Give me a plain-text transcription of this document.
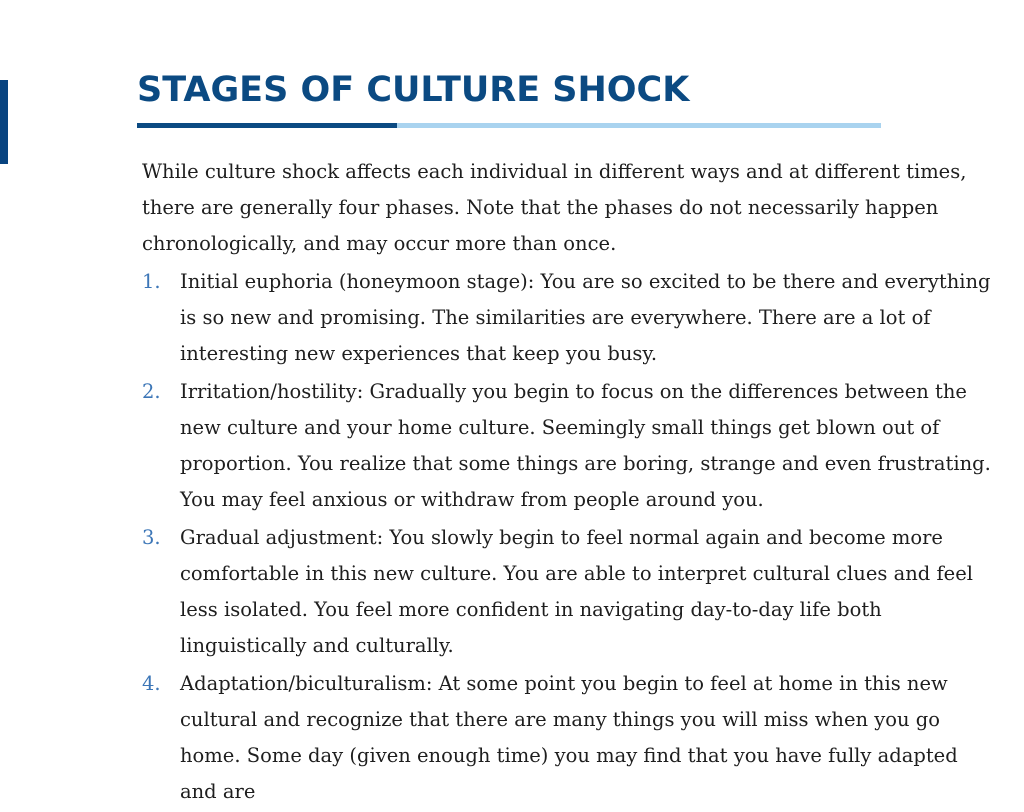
STAGES OF CULTURE SHOCK

While culture shock affects each individual in different ways and at different times, there are generally four phases. Note that the phases do not necessarily happen chronologically, and may occur more than once.

1. Initial euphoria (honeymoon stage): You are so excited to be there and everything is so new and promising. The similarities are everywhere. There are a lot of interesting new experiences that keep you busy.
2. Irritation/hostility: Gradually you begin to focus on the differences between the new culture and your home culture. Seemingly small things get blown out of proportion. You realize that some things are boring, strange and even frustrating. You may feel anxious or withdraw from people around you.
3. Gradual adjustment: You slowly begin to feel normal again and become more comfortable in this new culture. You are able to interpret cultural clues and feel less isolated. You feel more confident in navigating day-to-day life both linguistically and culturally.
4. Adaptation/biculturalism: At some point you begin to feel at home in this new cultural and recognize that there are many things you will miss when you go home. Some day (given enough time) you may find that you have fully adapted and are
